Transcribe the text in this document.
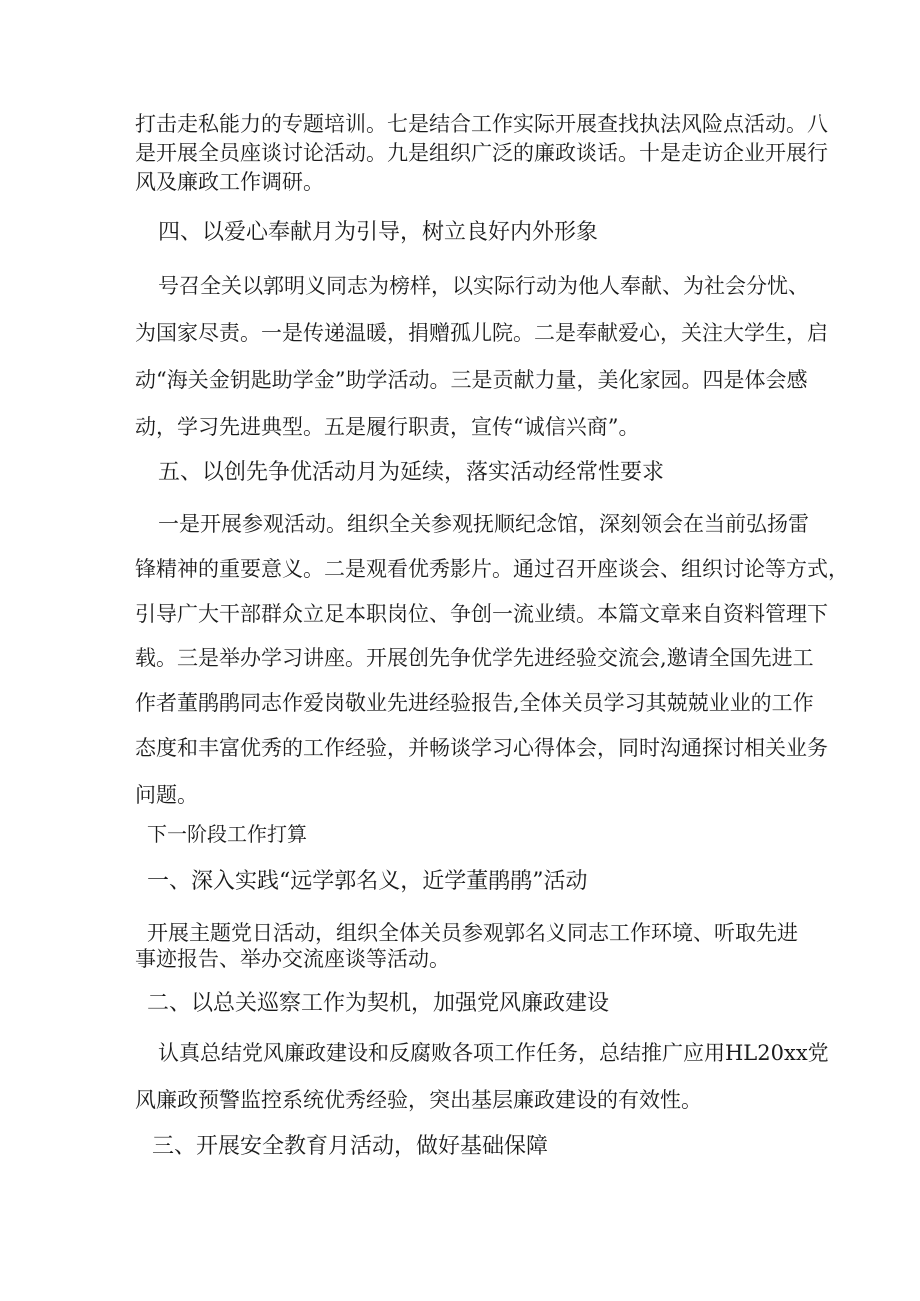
打击走私能力的专题培训。七是结合工作实际开展查找执法风险点活动。八

是开展全员座谈讨论活动。九是组织广泛的廉政谈话。十是走访企业开展行

风及廉政工作调研。

四、以爱心奉献月为引导，树立良好内外形象

号召全关以郭明义同志为榜样，以实际行动为他人奉献、为社会分忧、

为国家尽责。一是传递温暖，捐赠孤儿院。二是奉献爱心，关注大学生，启

动“海关金钥匙助学金”助学活动。三是贡献力量，美化家园。四是体会感

动，学习先进典型。五是履行职责，宣传“诚信兴商”。

五、以创先争优活动月为延续，落实活动经常性要求

一是开展参观活动。组织全关参观抚顺纪念馆，深刻领会在当前弘扬雷

锋精神的重要意义。二是观看优秀影片。通过召开座谈会、组织讨论等方式，

引导广大干部群众立足本职岗位、争创一流业绩。本篇文章来自资料管理下

载。三是举办学习讲座。开展创先争优学先进经验交流会,邀请全国先进工

作者董鹃鹃同志作爱岗敬业先进经验报告,全体关员学习其兢兢业业的工作

态度和丰富优秀的工作经验，并畅谈学习心得体会，同时沟通探讨相关业务

问题。

下一阶段工作打算

一、深入实践“远学郭名义，近学董鹃鹃”活动

开展主题党日活动，组织全体关员参观郭名义同志工作环境、听取先进

事迹报告、举办交流座谈等活动。

二、以总关巡察工作为契机，加强党风廉政建设

认真总结党风廉政建设和反腐败各项工作任务，总结推广应用HL20xx党

风廉政预警监控系统优秀经验，突出基层廉政建设的有效性。

三、开展安全教育月活动，做好基础保障
